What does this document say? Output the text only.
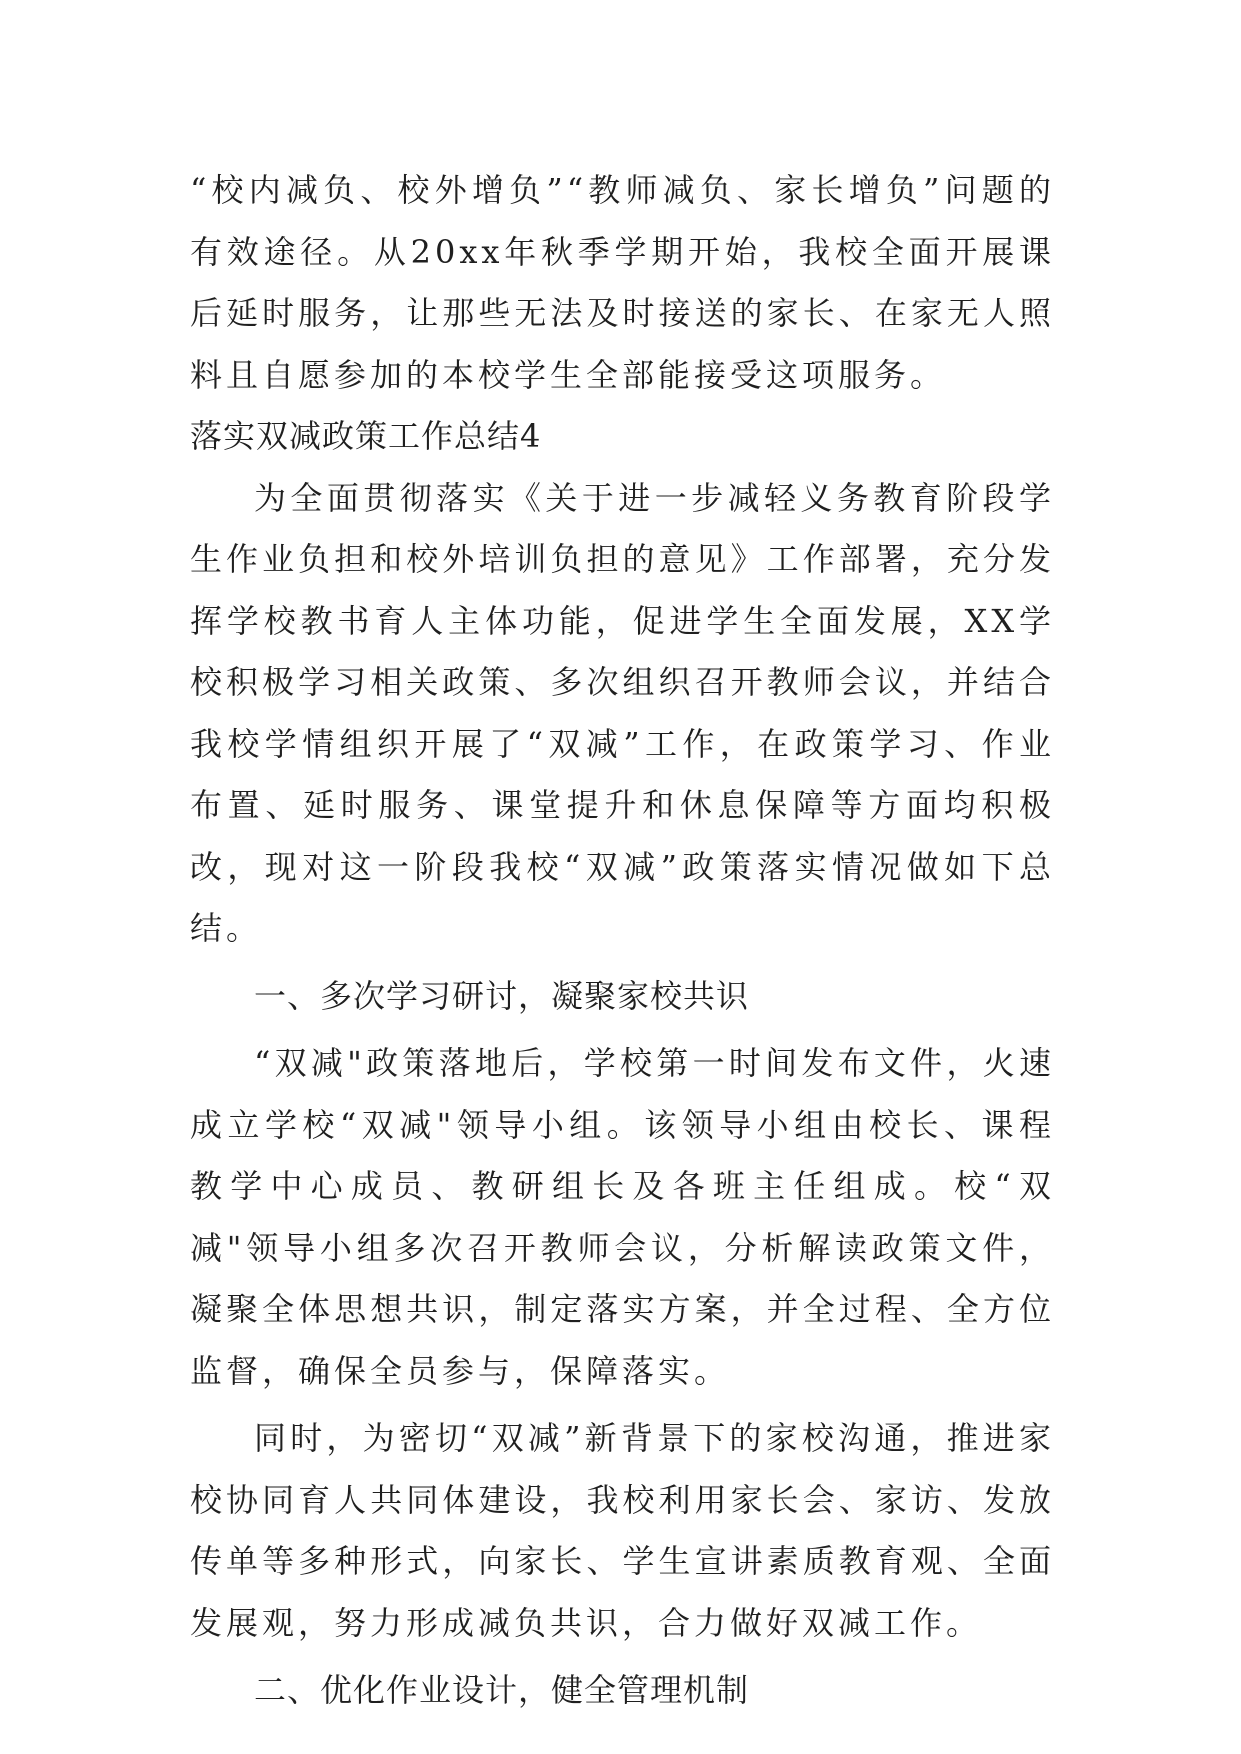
“校内减负、校外增负”“教师减负、家长增负”问题的有效途径。从20xx年秋季学期开始，我校全面开展课后延时服务，让那些无法及时接送的家长、在家无人照料且自愿参加的本校学生全部能接受这项服务。

落实双减政策工作总结4

为全面贯彻落实《关于进一步减轻义务教育阶段学生作业负担和校外培训负担的意见》工作部署，充分发挥学校教书育人主体功能，促进学生全面发展，XX学校积极学习相关政策、多次组织召开教师会议，并结合我校学情组织开展了“双减”工作，在政策学习、作业布置、延时服务、课堂提升和休息保障等方面均积极改，现对这一阶段我校“双减”政策落实情况做如下总结。

一、多次学习研讨，凝聚家校共识

“双减"政策落地后，学校第一时间发布文件，火速成立学校“双减"领导小组。该领导小组由校长、课程教学中心成员、教研组长及各班主任组成。校“双减"领导小组多次召开教师会议，分析解读政策文件，凝聚全体思想共识，制定落实方案，并全过程、全方位监督，确保全员参与，保障落实。

同时，为密切“双减”新背景下的家校沟通，推进家校协同育人共同体建设，我校利用家长会、家访、发放传单等多种形式，向家长、学生宣讲素质教育观、全面发展观，努力形成减负共识，合力做好双减工作。

二、优化作业设计，健全管理机制
